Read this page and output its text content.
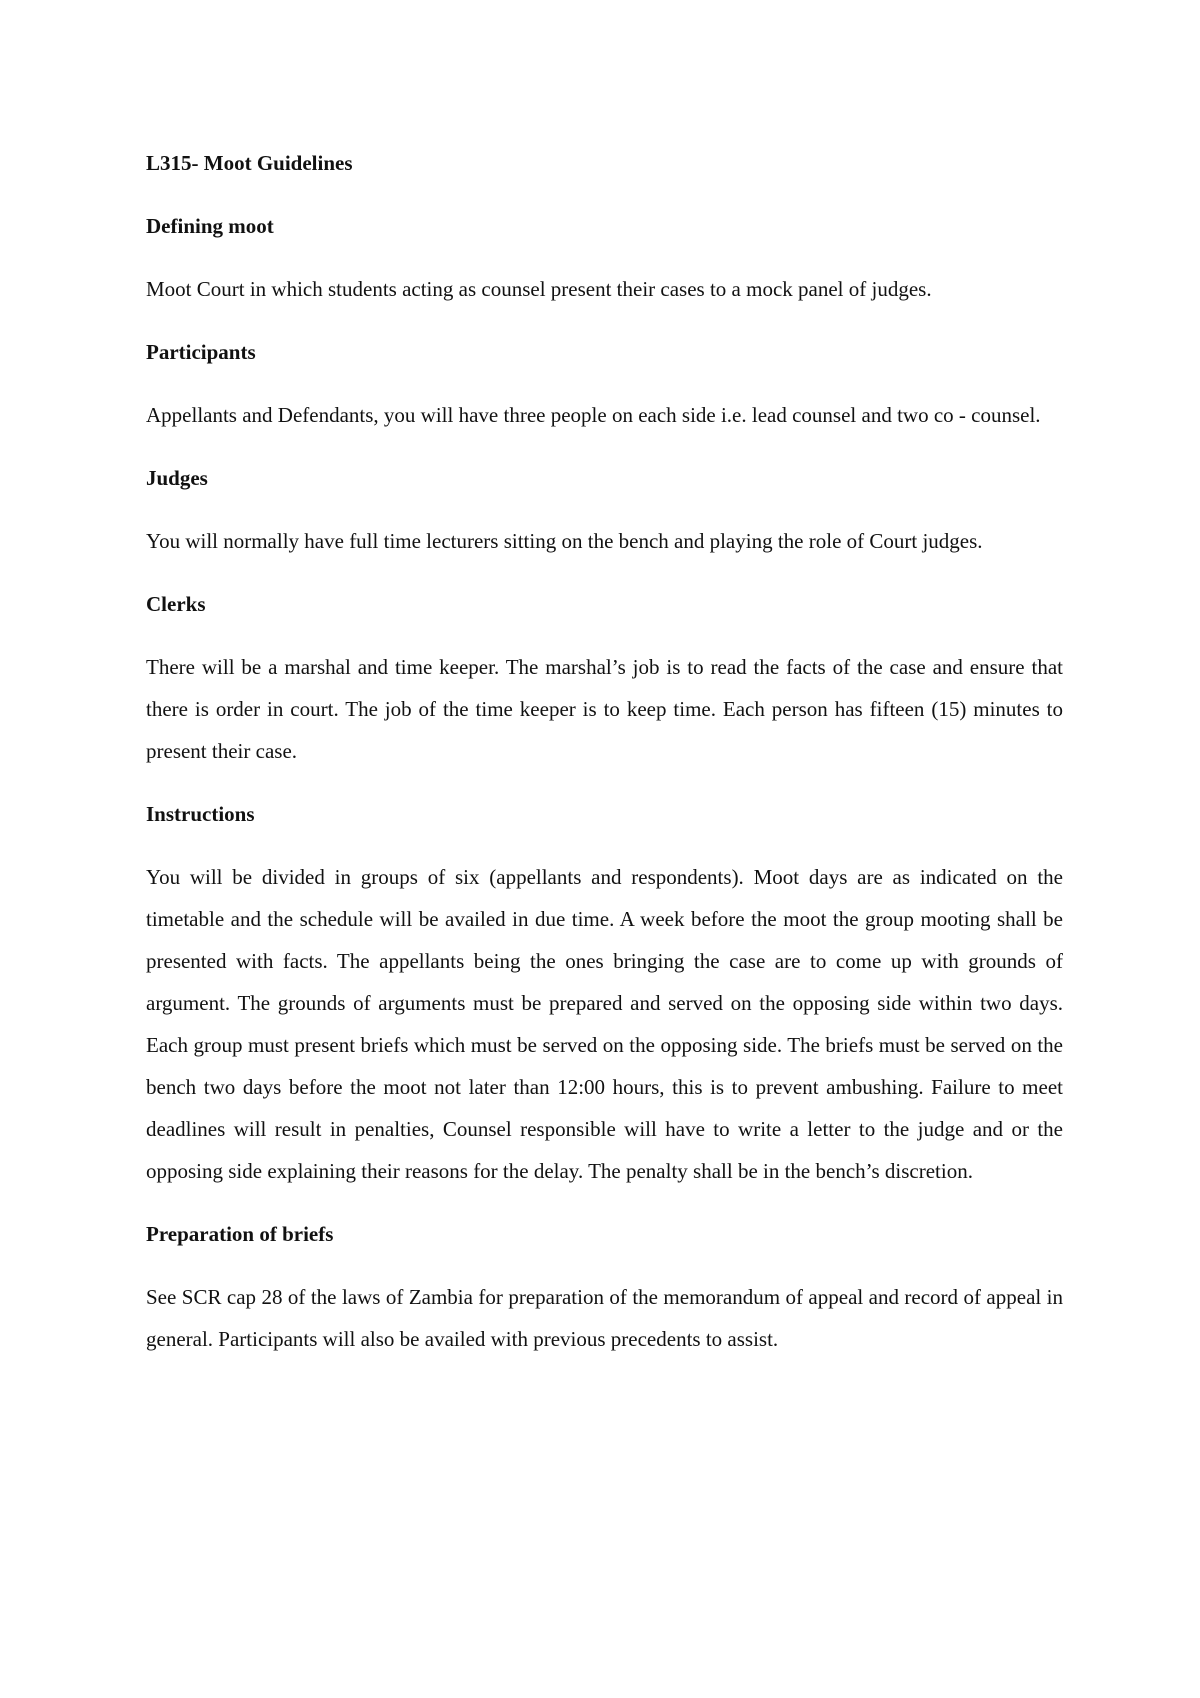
L315- Moot Guidelines
Defining moot
Moot Court in which students acting as counsel present their cases to a mock panel of judges.
Participants
Appellants and Defendants, you will have three people on each side i.e. lead counsel and two co - counsel.
Judges
You will normally have full time lecturers sitting on the bench and playing the role of Court judges.
Clerks
There will be a marshal and time keeper. The marshal’s job is to read the facts of the case and ensure that there is order in court. The job of the time keeper is to keep time. Each person has fifteen (15) minutes to present their case.
Instructions
You will be divided in groups of six (appellants and respondents). Moot days are as indicated on the timetable and the schedule will be availed in due time. A week before the moot the group mooting shall be presented with facts. The appellants being the ones bringing the case are to come up with grounds of argument. The grounds of arguments must be prepared and served on the opposing side within two days. Each group must present briefs which must be served on the opposing side. The briefs must be served on the bench two days before the moot not later than 12:00 hours, this is to prevent ambushing. Failure to meet deadlines will result in penalties, Counsel responsible will have to write a letter to the judge and or the opposing side explaining their reasons for the delay. The penalty shall be in the bench’s discretion.
Preparation of briefs
See SCR cap 28 of the laws of Zambia for preparation of the memorandum of appeal and record of appeal in general. Participants will also be availed with previous precedents to assist.
